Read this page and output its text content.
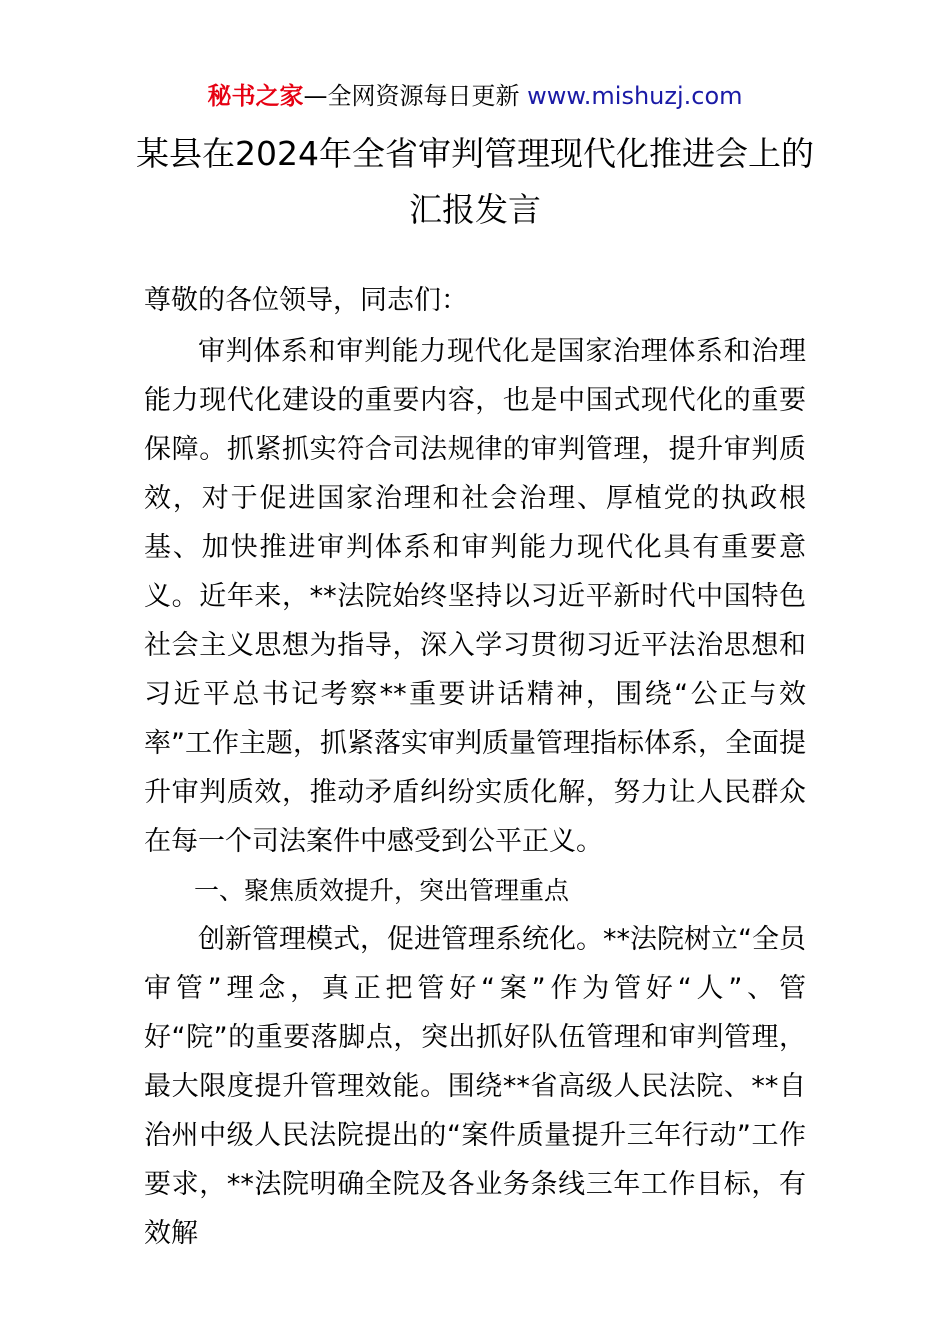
秘书之家—全网资源每日更新 www.mishuzj.com
某县在2024年全省审判管理现代化推进会上的
汇报发言

尊敬的各位领导，同志们：

审判体系和审判能力现代化是国家治理体系和治理能力现代化建设的重要内容，也是中国式现代化的重要保障。抓紧抓实符合司法规律的审判管理，提升审判质效，对于促进国家治理和社会治理、厚植党的执政根基、加快推进审判体系和审判能力现代化具有重要意义。近年来，**法院始终坚持以习近平新时代中国特色社会主义思想为指导，深入学习贯彻习近平法治思想和习近平总书记考察**重要讲话精神，围绕“公正与效率”工作主题，抓紧落实审判质量管理指标体系，全面提升审判质效，推动矛盾纠纷实质化解，努力让人民群众在每一个司法案件中感受到公平正义。

一、聚焦质效提升，突出管理重点

创新管理模式，促进管理系统化。**法院树立“全员审管”理念，真正把管好“案”作为管好“人”、管好“院”的重要落脚点，突出抓好队伍管理和审判管理，最大限度提升管理效能。围绕**省高级人民法院、**自治州中级人民法院提出的“案件质量提升三年行动”工作要求，**法院明确全院及各业务条线三年工作目标，有效解
